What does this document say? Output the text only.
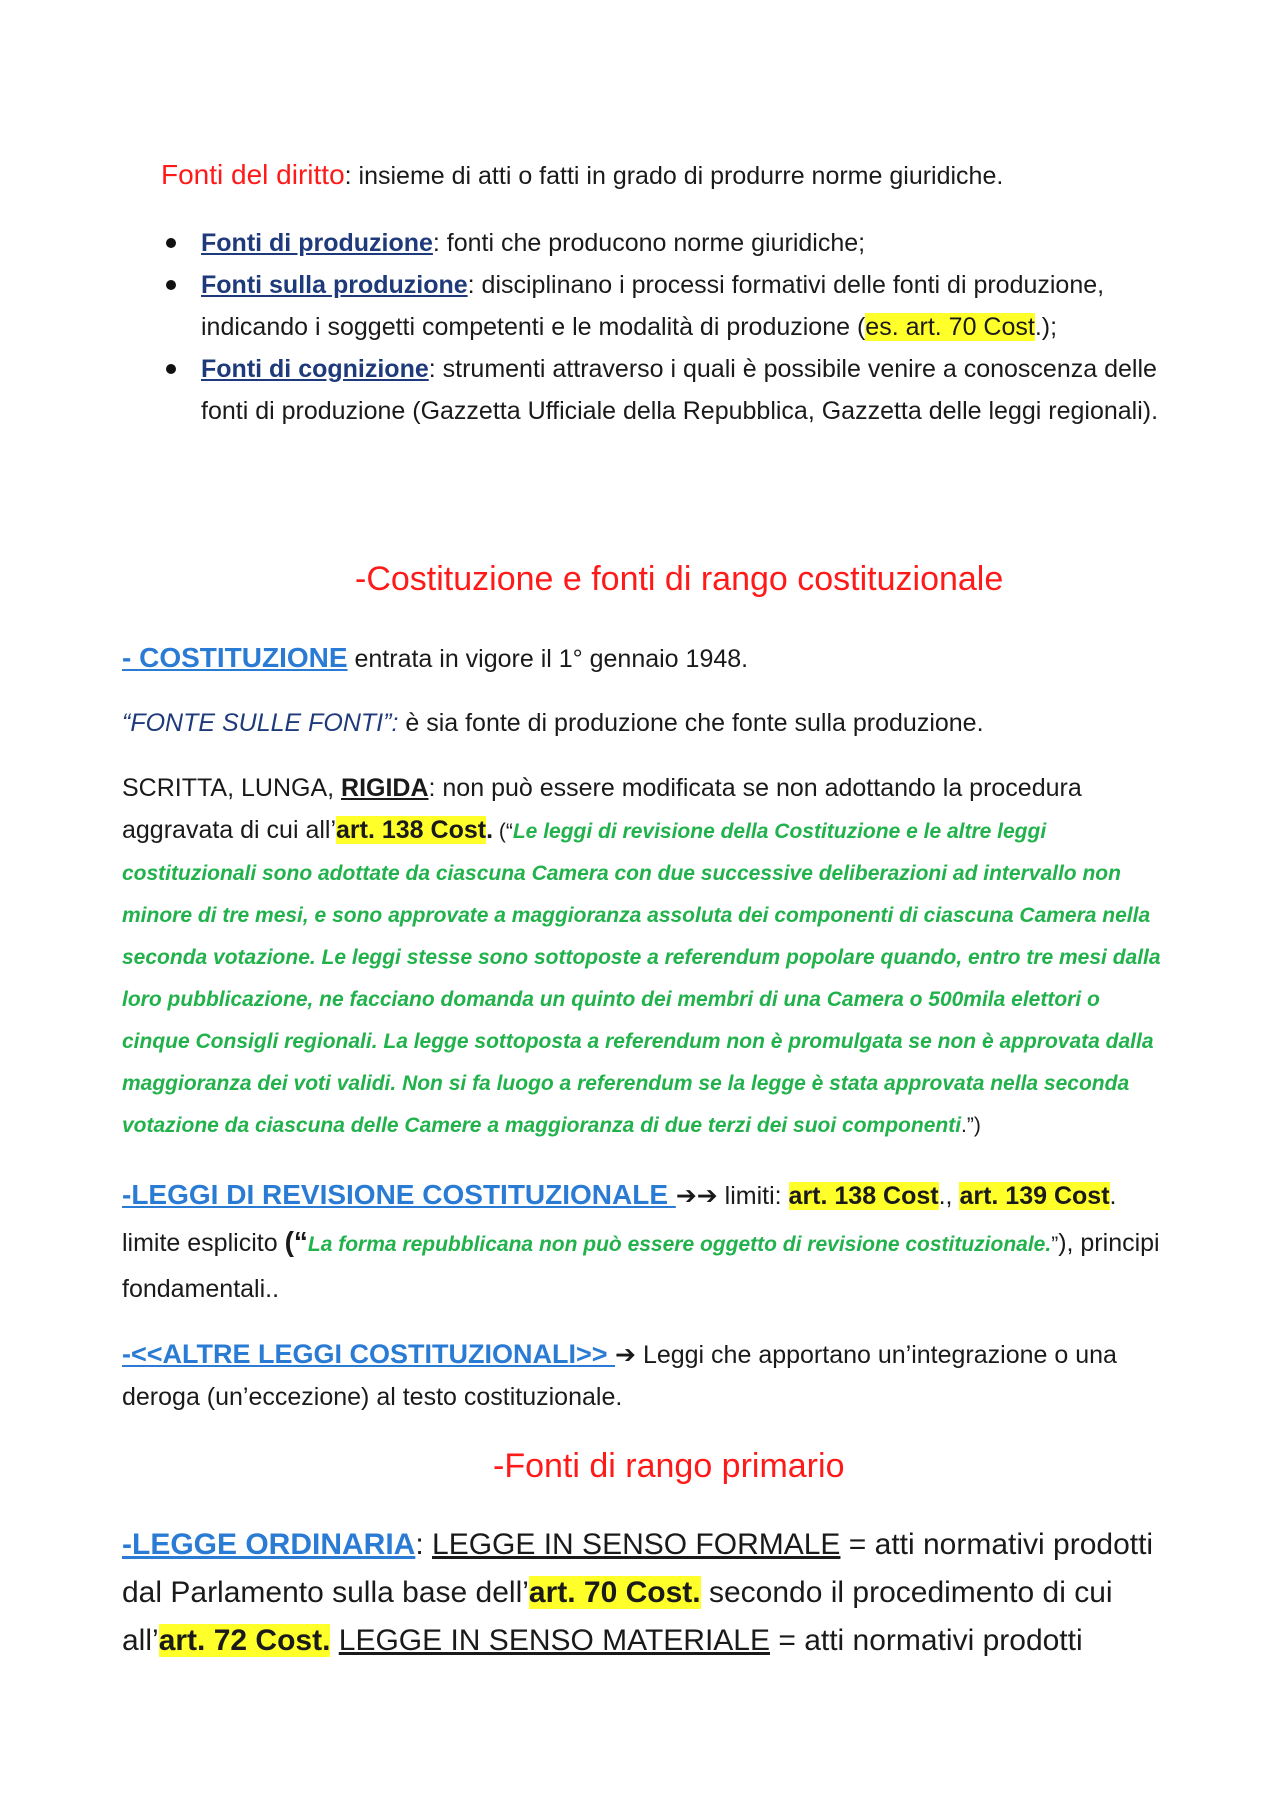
Fonti del diritto: insieme di atti o fatti in grado di produrre norme giuridiche.
Fonti di produzione: fonti che producono norme giuridiche;
Fonti sulla produzione: disciplinano i processi formativi delle fonti di produzione, indicando i soggetti competenti e le modalità di produzione (es. art. 70 Cost.);
Fonti di cognizione: strumenti attraverso i quali è possibile venire a conoscenza delle fonti di produzione (Gazzetta Ufficiale della Repubblica, Gazzetta delle leggi regionali).
-Costituzione e fonti di rango costituzionale
- COSTITUZIONE entrata in vigore il 1° gennaio 1948.
“FONTE SULLE FONTI”: è sia fonte di produzione che fonte sulla produzione.
SCRITTA, LUNGA, RIGIDA: non può essere modificata se non adottando la procedura aggravata di cui all’art. 138 Cost. (“Le leggi di revisione della Costituzione e le altre leggi costituzionali sono adottate da ciascuna Camera con due successive deliberazioni ad intervallo non minore di tre mesi, e sono approvate a maggioranza assoluta dei componenti di ciascuna Camera nella seconda votazione. Le leggi stesse sono sottoposte a referendum popolare quando, entro tre mesi dalla loro pubblicazione, ne facciano domanda un quinto dei membri di una Camera o 500mila elettori o cinque Consigli regionali. La legge sottoposta a referendum non è promulgata se non è approvata dalla maggioranza dei voti validi. Non si fa luogo a referendum se la legge è stata approvata nella seconda votazione da ciascuna delle Camere a maggioranza di due terzi dei suoi componenti.”)
-LEGGI DI REVISIONE COSTITUZIONALE ➔➔ limiti: art. 138 Cost., art. 139 Cost. limite esplicito (“La forma repubblicana non può essere oggetto di revisione costituzionale.”), principi fondamentali..
-<<ALTRE LEGGI COSTITUZIONALI>> ➔ Leggi che apportano un’integrazione o una deroga (un’eccezione) al testo costituzionale.
-Fonti di rango primario
-LEGGE ORDINARIA: LEGGE IN SENSO FORMALE = atti normativi prodotti dal Parlamento sulla base dell’art. 70 Cost. secondo il procedimento di cui all’art. 72 Cost. LEGGE IN SENSO MATERIALE = atti normativi prodotti
